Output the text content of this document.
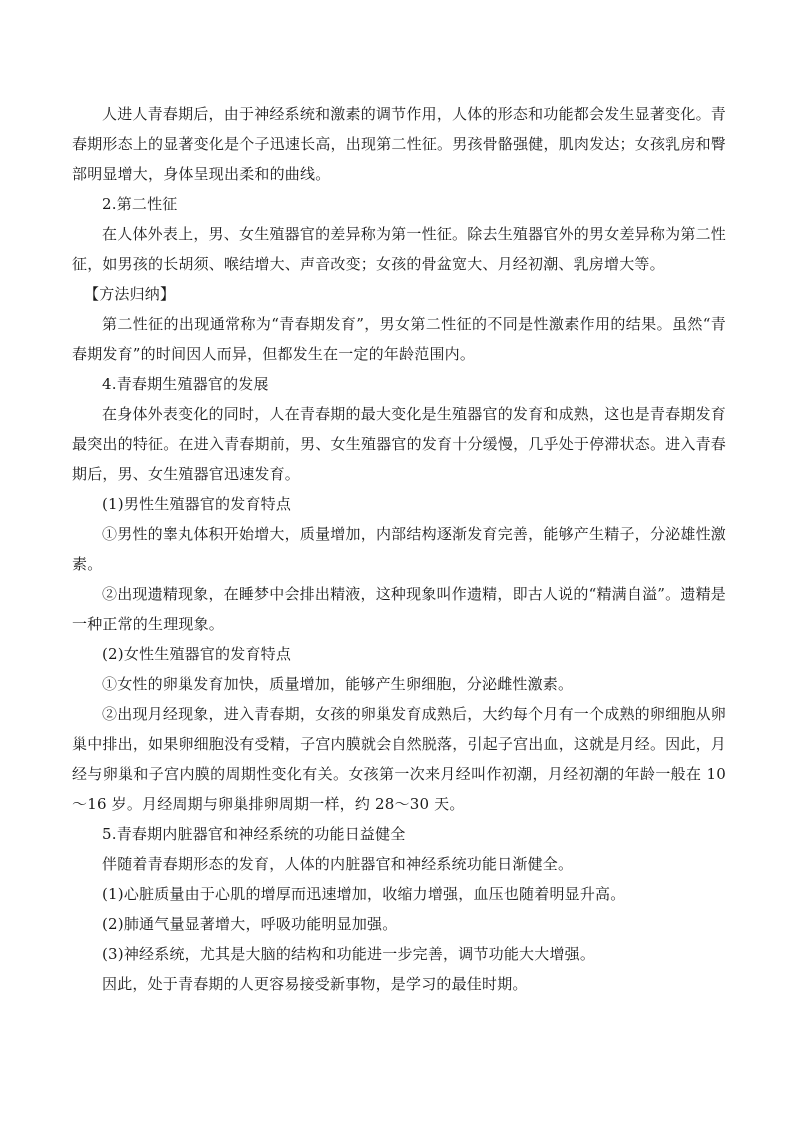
人进人青春期后，由于神经系统和激素的调节作用，人体的形态和功能都会发生显著变化。青春期形态上的显著变化是个子迅速长高，出现第二性征。男孩骨骼强健，肌肉发达；女孩乳房和臀部明显增大，身体呈现出柔和的曲线。

2.第二性征

在人体外表上，男、女生殖器官的差异称为第一性征。除去生殖器官外的男女差异称为第二性征，如男孩的长胡须、喉结增大、声音改变；女孩的骨盆宽大、月经初潮、乳房增大等。

【方法归纳】

第二性征的出现通常称为“青春期发育”，男女第二性征的不同是性激素作用的结果。虽然“青春期发育”的时间因人而异，但都发生在一定的年龄范围内。

4.青春期生殖器官的发展

在身体外表变化的同时，人在青春期的最大变化是生殖器官的发育和成熟，这也是青春期发育最突出的特征。在进入青春期前，男、女生殖器官的发育十分缓慢，几乎处于停滞状态。进入青春期后，男、女生殖器官迅速发育。

(1)男性生殖器官的发育特点

①男性的睾丸体积开始增大，质量增加，内部结构逐渐发育完善，能够产生精子，分泌雄性激素。

②出现遗精现象，在睡梦中会排出精液，这种现象叫作遗精，即古人说的“精满自溢”。遗精是一种正常的生理现象。

(2)女性生殖器官的发育特点

①女性的卵巢发育加快，质量增加，能够产生卵细胞，分泌雌性激素。

②出现月经现象，进入青春期，女孩的卵巢发育成熟后，大约每个月有一个成熟的卵细胞从卵巢中排出，如果卵细胞没有受精，子宫内膜就会自然脱落，引起子宫出血，这就是月经。因此，月经与卵巢和子宫内膜的周期性变化有关。女孩第一次来月经叫作初潮，月经初潮的年龄一般在 10～16 岁。月经周期与卵巢排卵周期一样，约 28～30 天。

5.青春期内脏器官和神经系统的功能日益健全

伴随着青春期形态的发育，人体的内脏器官和神经系统功能日渐健全。

(1)心脏质量由于心肌的增厚而迅速增加，收缩力增强，血压也随着明显升高。

(2)肺通气量显著增大，呼吸功能明显加强。

(3)神经系统，尤其是大脑的结构和功能进一步完善，调节功能大大增强。

因此，处于青春期的人更容易接受新事物，是学习的最佳时期。
